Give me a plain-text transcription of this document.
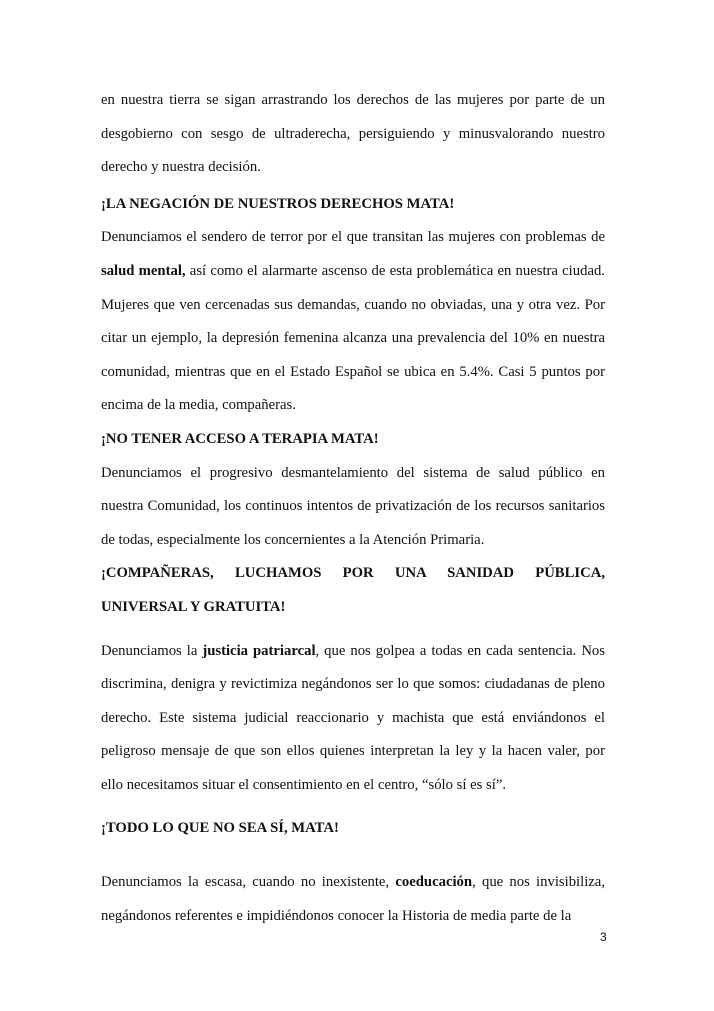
en nuestra tierra se sigan arrastrando los derechos de las mujeres por parte de un desgobierno con sesgo de ultraderecha, persiguiendo y minusvalorando nuestro derecho y nuestra decisión.

¡LA NEGACIÓN DE NUESTROS DERECHOS MATA!

Denunciamos el sendero de terror por el que transitan las mujeres con problemas de salud mental, así como el alarmarte ascenso de esta problemática en nuestra ciudad. Mujeres que ven cercenadas sus demandas, cuando no obviadas, una y otra vez. Por citar un ejemplo, la depresión femenina alcanza una prevalencia del 10% en nuestra comunidad, mientras que en el Estado Español se ubica en 5.4%. Casi 5 puntos por encima de la media, compañeras.

¡NO TENER ACCESO A TERAPIA MATA!

Denunciamos el progresivo desmantelamiento del sistema de salud público en nuestra Comunidad, los continuos intentos de privatización de los recursos sanitarios de todas, especialmente los concernientes a la Atención Primaria.

¡COMPAÑERAS, LUCHAMOS POR UNA SANIDAD PÚBLICA, UNIVERSAL Y GRATUITA!

Denunciamos la justicia patriarcal, que nos golpea a todas en cada sentencia. Nos discrimina, denigra y revictimiza negándonos ser lo que somos: ciudadanas de pleno derecho. Este sistema judicial reaccionario y machista que está enviándonos el peligroso mensaje de que son ellos quienes interpretan la ley y la hacen valer, por ello necesitamos situar el consentimiento en el centro, “sólo sí es sí”.

¡TODO LO QUE NO SEA SÍ, MATA!

Denunciamos la escasa, cuando no inexistente, coeducación, que nos invisibiliza, negándonos referentes e impidiéndonos conocer la Historia de media parte de la

3
